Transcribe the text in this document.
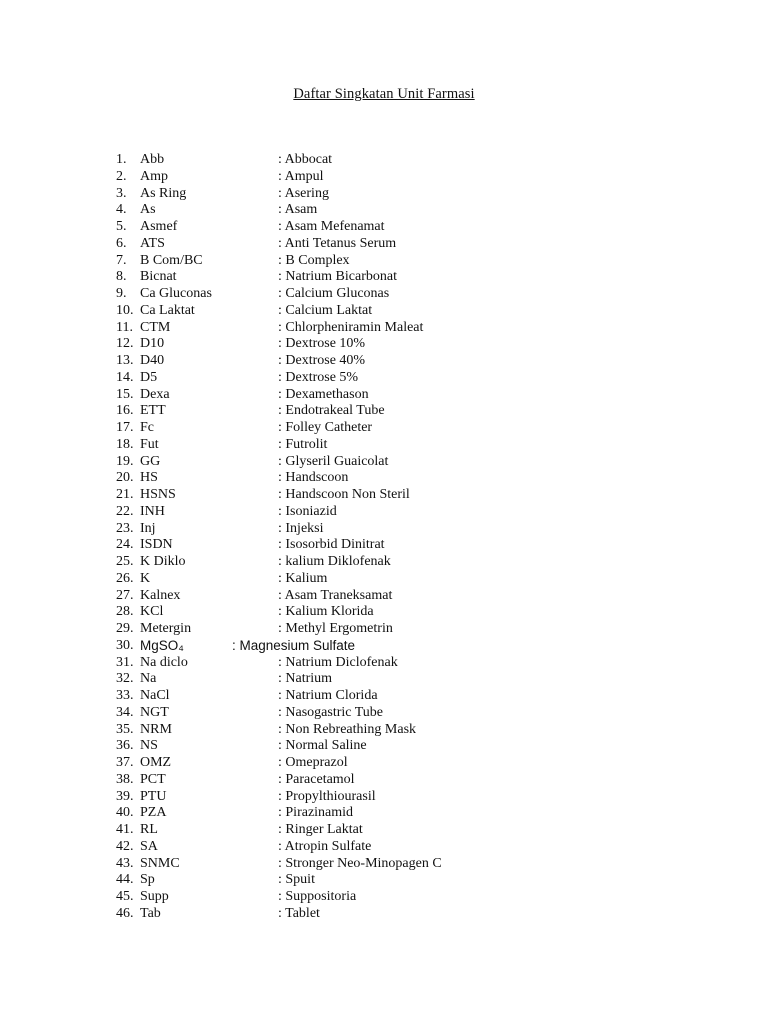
Daftar Singkatan Unit Farmasi
1. Abb	: Abbocat
2. Amp	: Ampul
3. As Ring	: Asering
4. As	: Asam
5. Asmef	: Asam Mefenamat
6. ATS	: Anti Tetanus Serum
7. B Com/BC	: B Complex
8. Bicnat	: Natrium Bicarbonat
9. Ca Gluconas	: Calcium Gluconas
10. Ca Laktat	: Calcium Laktat
11. CTM	: Chlorpheniramin Maleat
12. D10	: Dextrose 10%
13. D40	: Dextrose 40%
14. D5	: Dextrose 5%
15. Dexa	: Dexamethason
16. ETT	: Endotrakeal Tube
17. Fc	: Folley Catheter
18. Fut	: Futrolit
19. GG	: Glyseril Guaicolat
20. HS	: Handscoon
21. HSNS	: Handscoon Non Steril
22. INH	: Isoniazid
23. Inj	: Injeksi
24. ISDN	: Isosorbid Dinitrat
25. K Diklo	: kalium Diklofenak
26. K	: Kalium
27. Kalnex	: Asam Traneksamat
28. KCl	: Kalium Klorida
29. Metergin	: Methyl Ergometrin
30. MgSO₄	: Magnesium Sulfate
31. Na diclo	: Natrium Diclofenak
32. Na	: Natrium
33. NaCl	: Natrium Clorida
34. NGT	: Nasogastric Tube
35. NRM	: Non Rebreathing Mask
36. NS	: Normal Saline
37. OMZ	: Omeprazol
38. PCT	: Paracetamol
39. PTU	: Propylthiourasil
40. PZA	: Pirazinamid
41. RL	: Ringer Laktat
42. SA	: Atropin Sulfate
43. SNMC	: Stronger Neo-Minopagen C
44. Sp	: Spuit
45. Supp	: Suppositoria
46. Tab	: Tablet
